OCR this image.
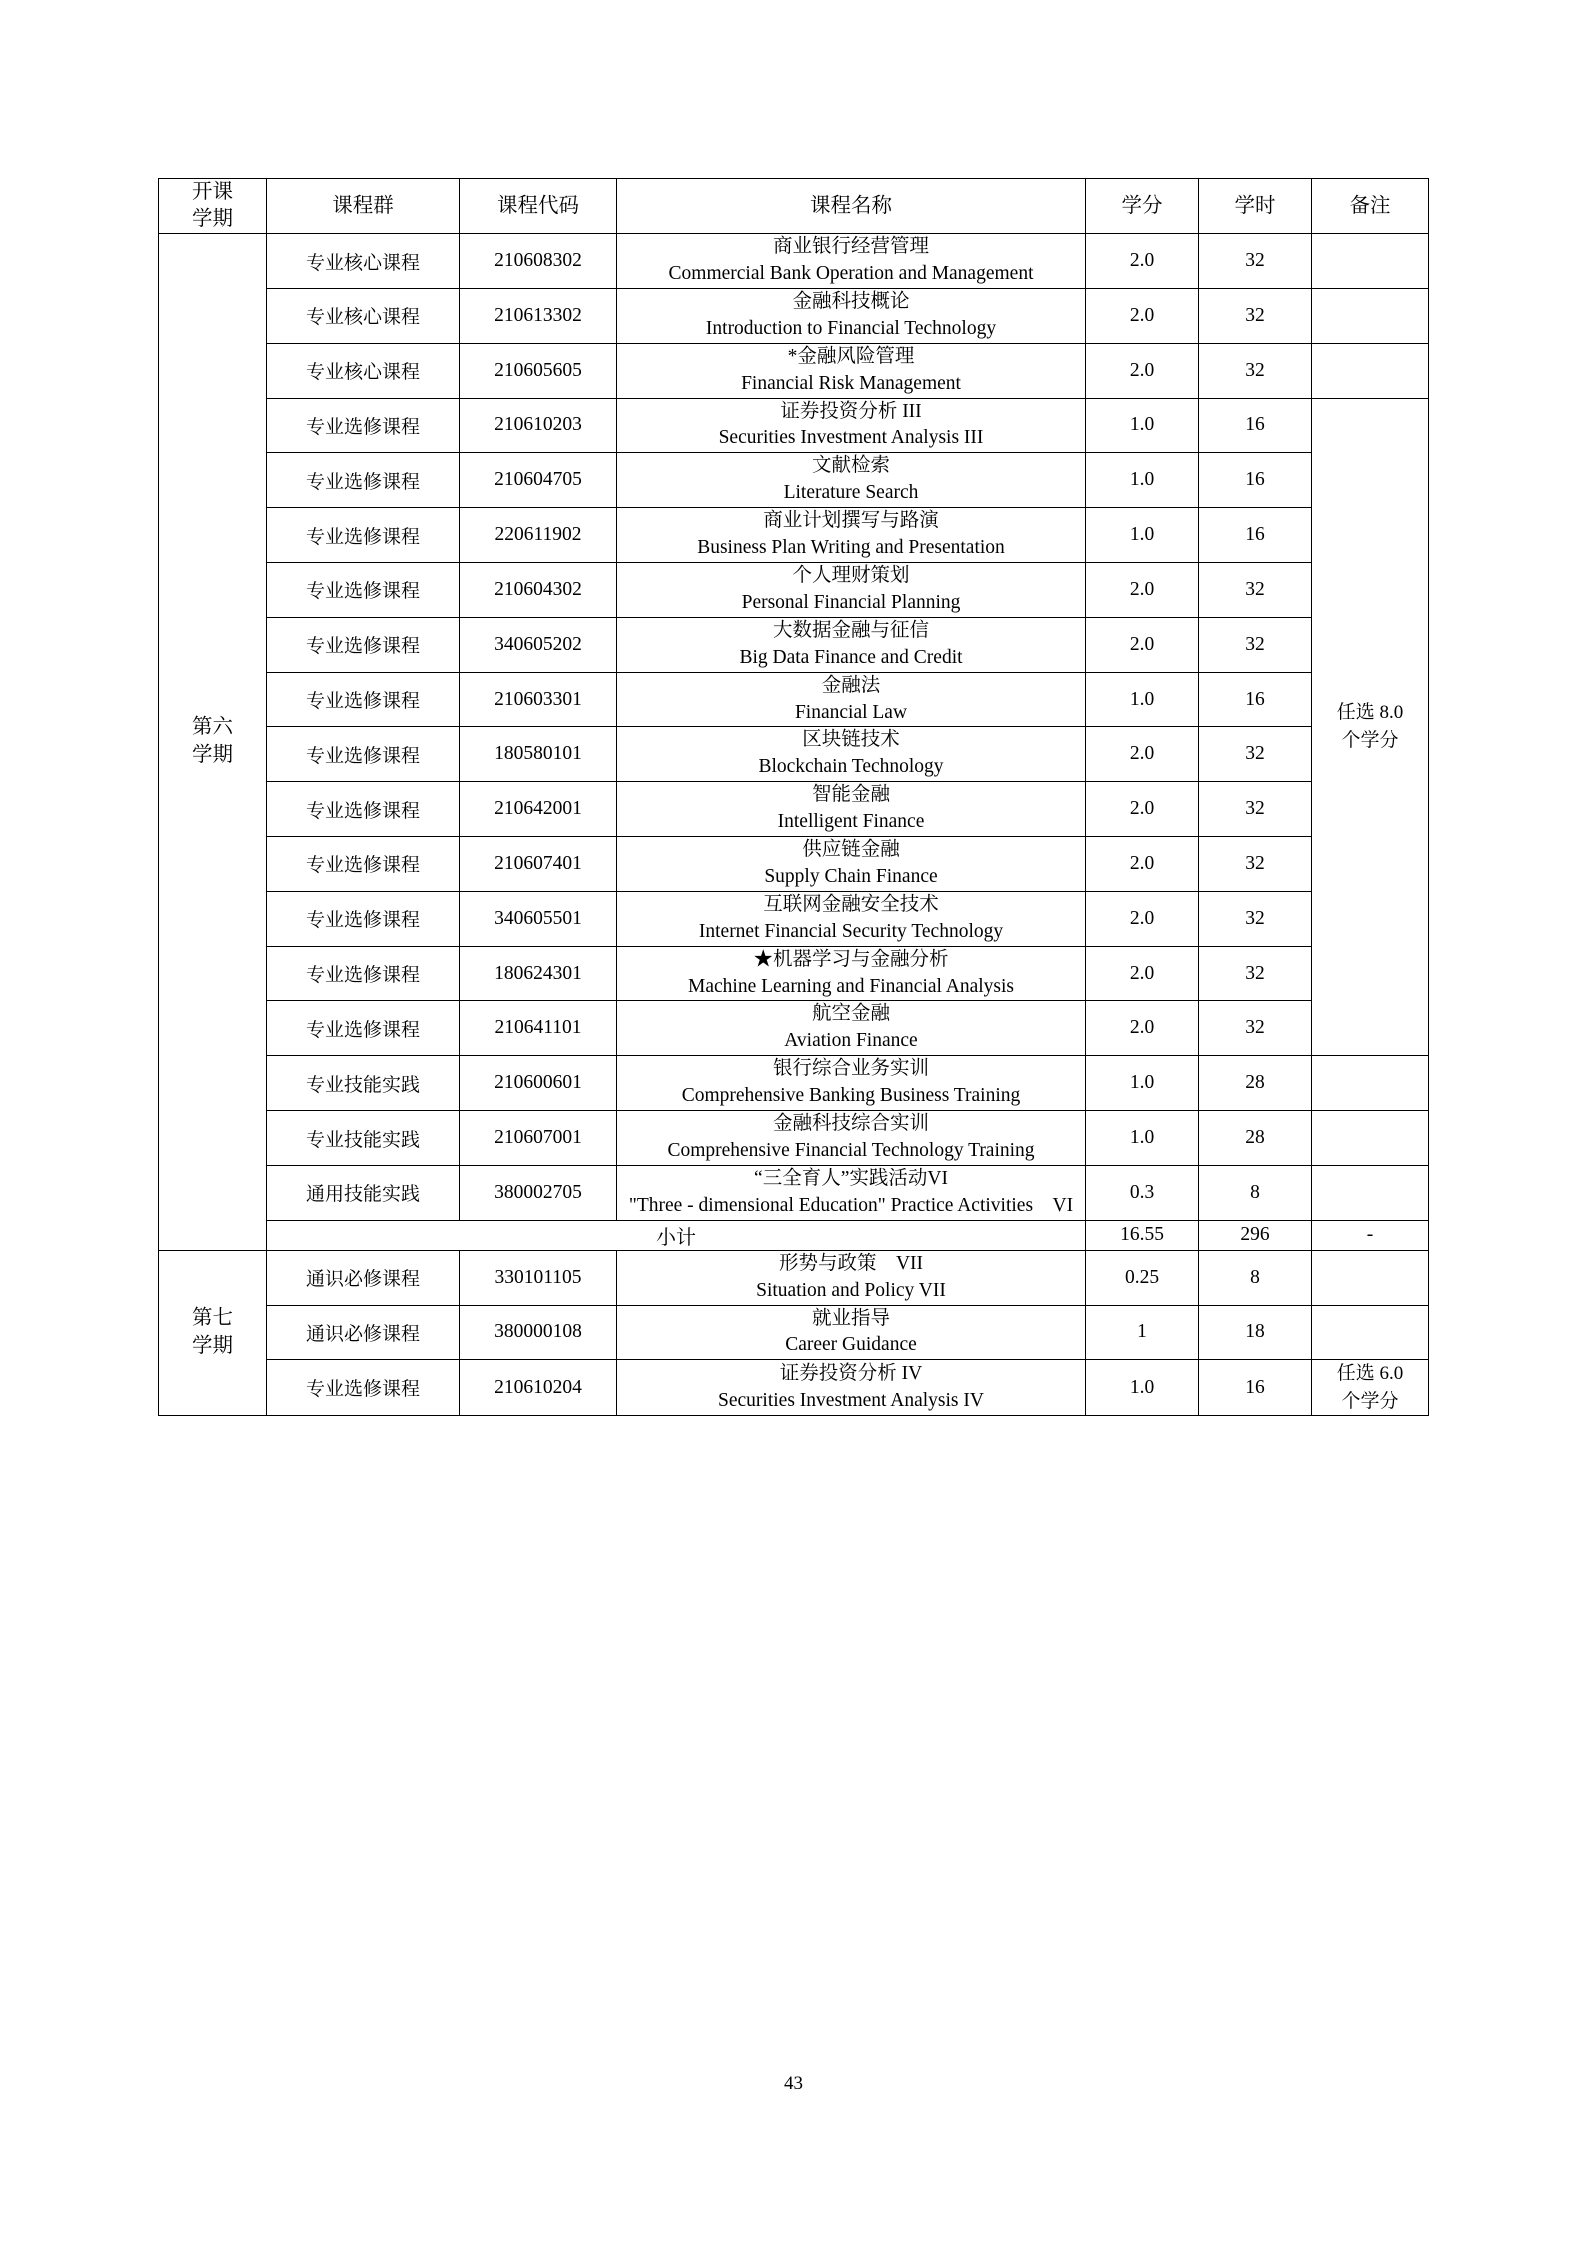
开课
学期	课程群	课程代码	课程名称	学分	学时	备注

第六
学期	专业核心课程	210608302	商业银行经营管理
Commercial Bank Operation and Management	2.0	32	
	专业核心课程	210613302	金融科技概论
Introduction to Financial Technology	2.0	32	
	专业核心课程	210605605	*金融风险管理
Financial Risk Management	2.0	32	
	专业选修课程	210610203	证券投资分析 III
Securities Investment Analysis III	1.0	16	任选 8.0
个学分

	专业选修课程	210604705	文献检索
Literature Search	1.0	16	
	专业选修课程	220611902	商业计划撰写与路演
Business Plan Writing and Presentation	1.0	16	
	专业选修课程	210604302	个人理财策划
Personal Financial Planning	2.0	32	
	专业选修课程	340605202	大数据金融与征信
Big Data Finance and Credit	2.0	32	
	专业选修课程	210603301	金融法
Financial Law	1.0	16	
	专业选修课程	180580101	区块链技术
Blockchain Technology	2.0	32	
	专业选修课程	210642001	智能金融
Intelligent Finance	2.0	32	
	专业选修课程	210607401	供应链金融
Supply Chain Finance	2.0	32	
	专业选修课程	340605501	互联网金融安全技术
Internet Financial Security Technology	2.0	32	
	专业选修课程	180624301	★机器学习与金融分析
Machine Learning and Financial Analysis	2.0	32	
	专业选修课程	210641101	航空金融
Aviation Finance	2.0	32	
	专业技能实践	210600601	银行综合业务实训
Comprehensive Banking Business Training	1.0	28	
	专业技能实践	210607001	金融科技综合实训
Comprehensive Financial Technology Training	1.0	28	
	通用技能实践	380002705	“三全育人”实践活动VI
"Three - dimensional Education" Practice Activities　VI	0.3	8	
	小计			16.55	296	-

第七
学期	通识必修课程	330101105	形势与政策　VII
Situation and Policy VII	0.25	8	
	通识必修课程	380000108	就业指导
Career Guidance	1	18	
	专业选修课程	210610204	证券投资分析 IV
Securities Investment Analysis IV	1.0	16	任选 6.0
个学分
43
